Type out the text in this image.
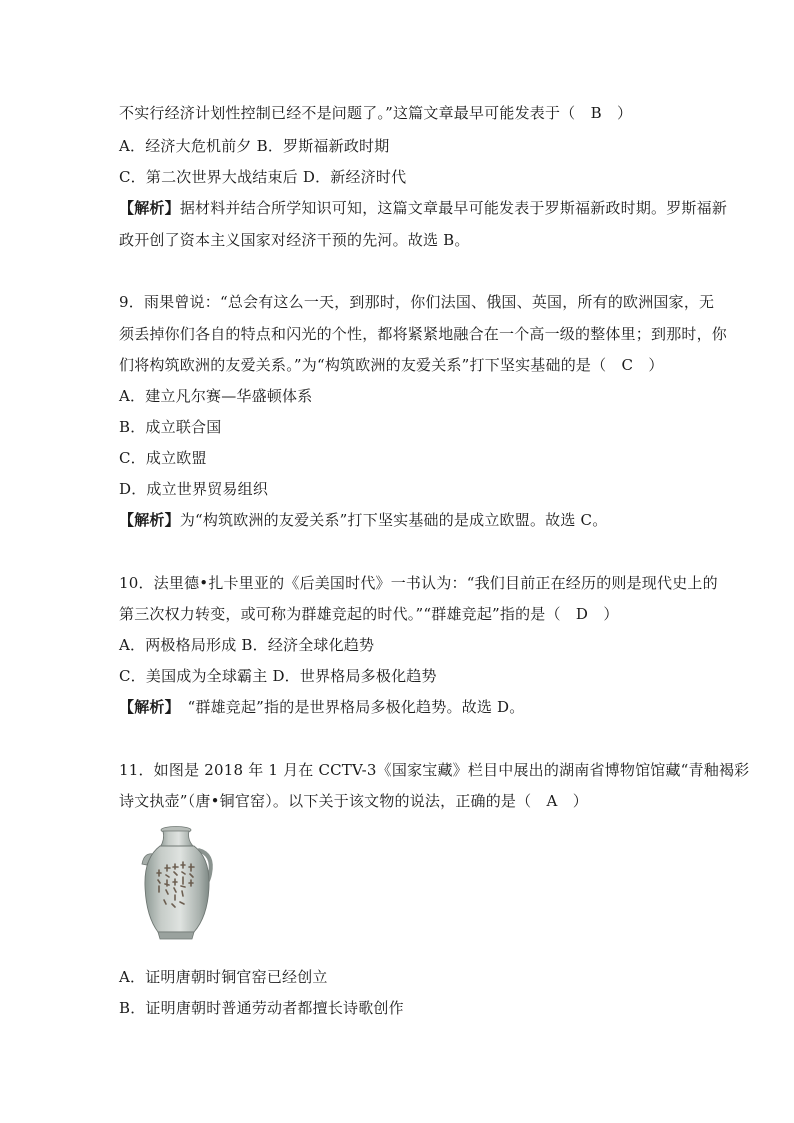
不实行经济计划性控制已经不是问题了。”这篇文章最早可能发表于（　B　）
A．经济大危机前夕 B．罗斯福新政时期
C．第二次世界大战结束后 D．新经济时代
【解析】据材料并结合所学知识可知，这篇文章最早可能发表于罗斯福新政时期。罗斯福新
政开创了资本主义国家对经济干预的先河。故选 B。
9．雨果曾说：“总会有这么一天，到那时，你们法国、俄国、英国，所有的欧洲国家，无
须丢掉你们各自的特点和闪光的个性，都将紧紧地融合在一个高一级的整体里；到那时，你
们将构筑欧洲的友爱关系。”为“构筑欧洲的友爱关系”打下坚实基础的是（　C　）
A．建立凡尔赛—华盛顿体系
B．成立联合国
C．成立欧盟
D．成立世界贸易组织
【解析】为“构筑欧洲的友爱关系”打下坚实基础的是成立欧盟。故选 C。
10．法里德•扎卡里亚的《后美国时代》一书认为：“我们目前正在经历的则是现代史上的
第三次权力转变，或可称为群雄竞起的时代。”“群雄竞起”指的是（　D　）
A．两极格局形成 B．经济全球化趋势
C．美国成为全球霸主 D．世界格局多极化趋势
【解析】　“群雄竞起”指的是世界格局多极化趋势。故选 D。
11．如图是 2018 年 1 月在 CCTV-3《国家宝藏》栏目中展出的湖南省博物馆馆藏“青釉褐彩
诗文执壶”（唐•铜官窑）。以下关于该文物的说法，正确的是（　A　）
A．证明唐朝时铜官窑已经创立
B．证明唐朝时普通劳动者都擅长诗歌创作
